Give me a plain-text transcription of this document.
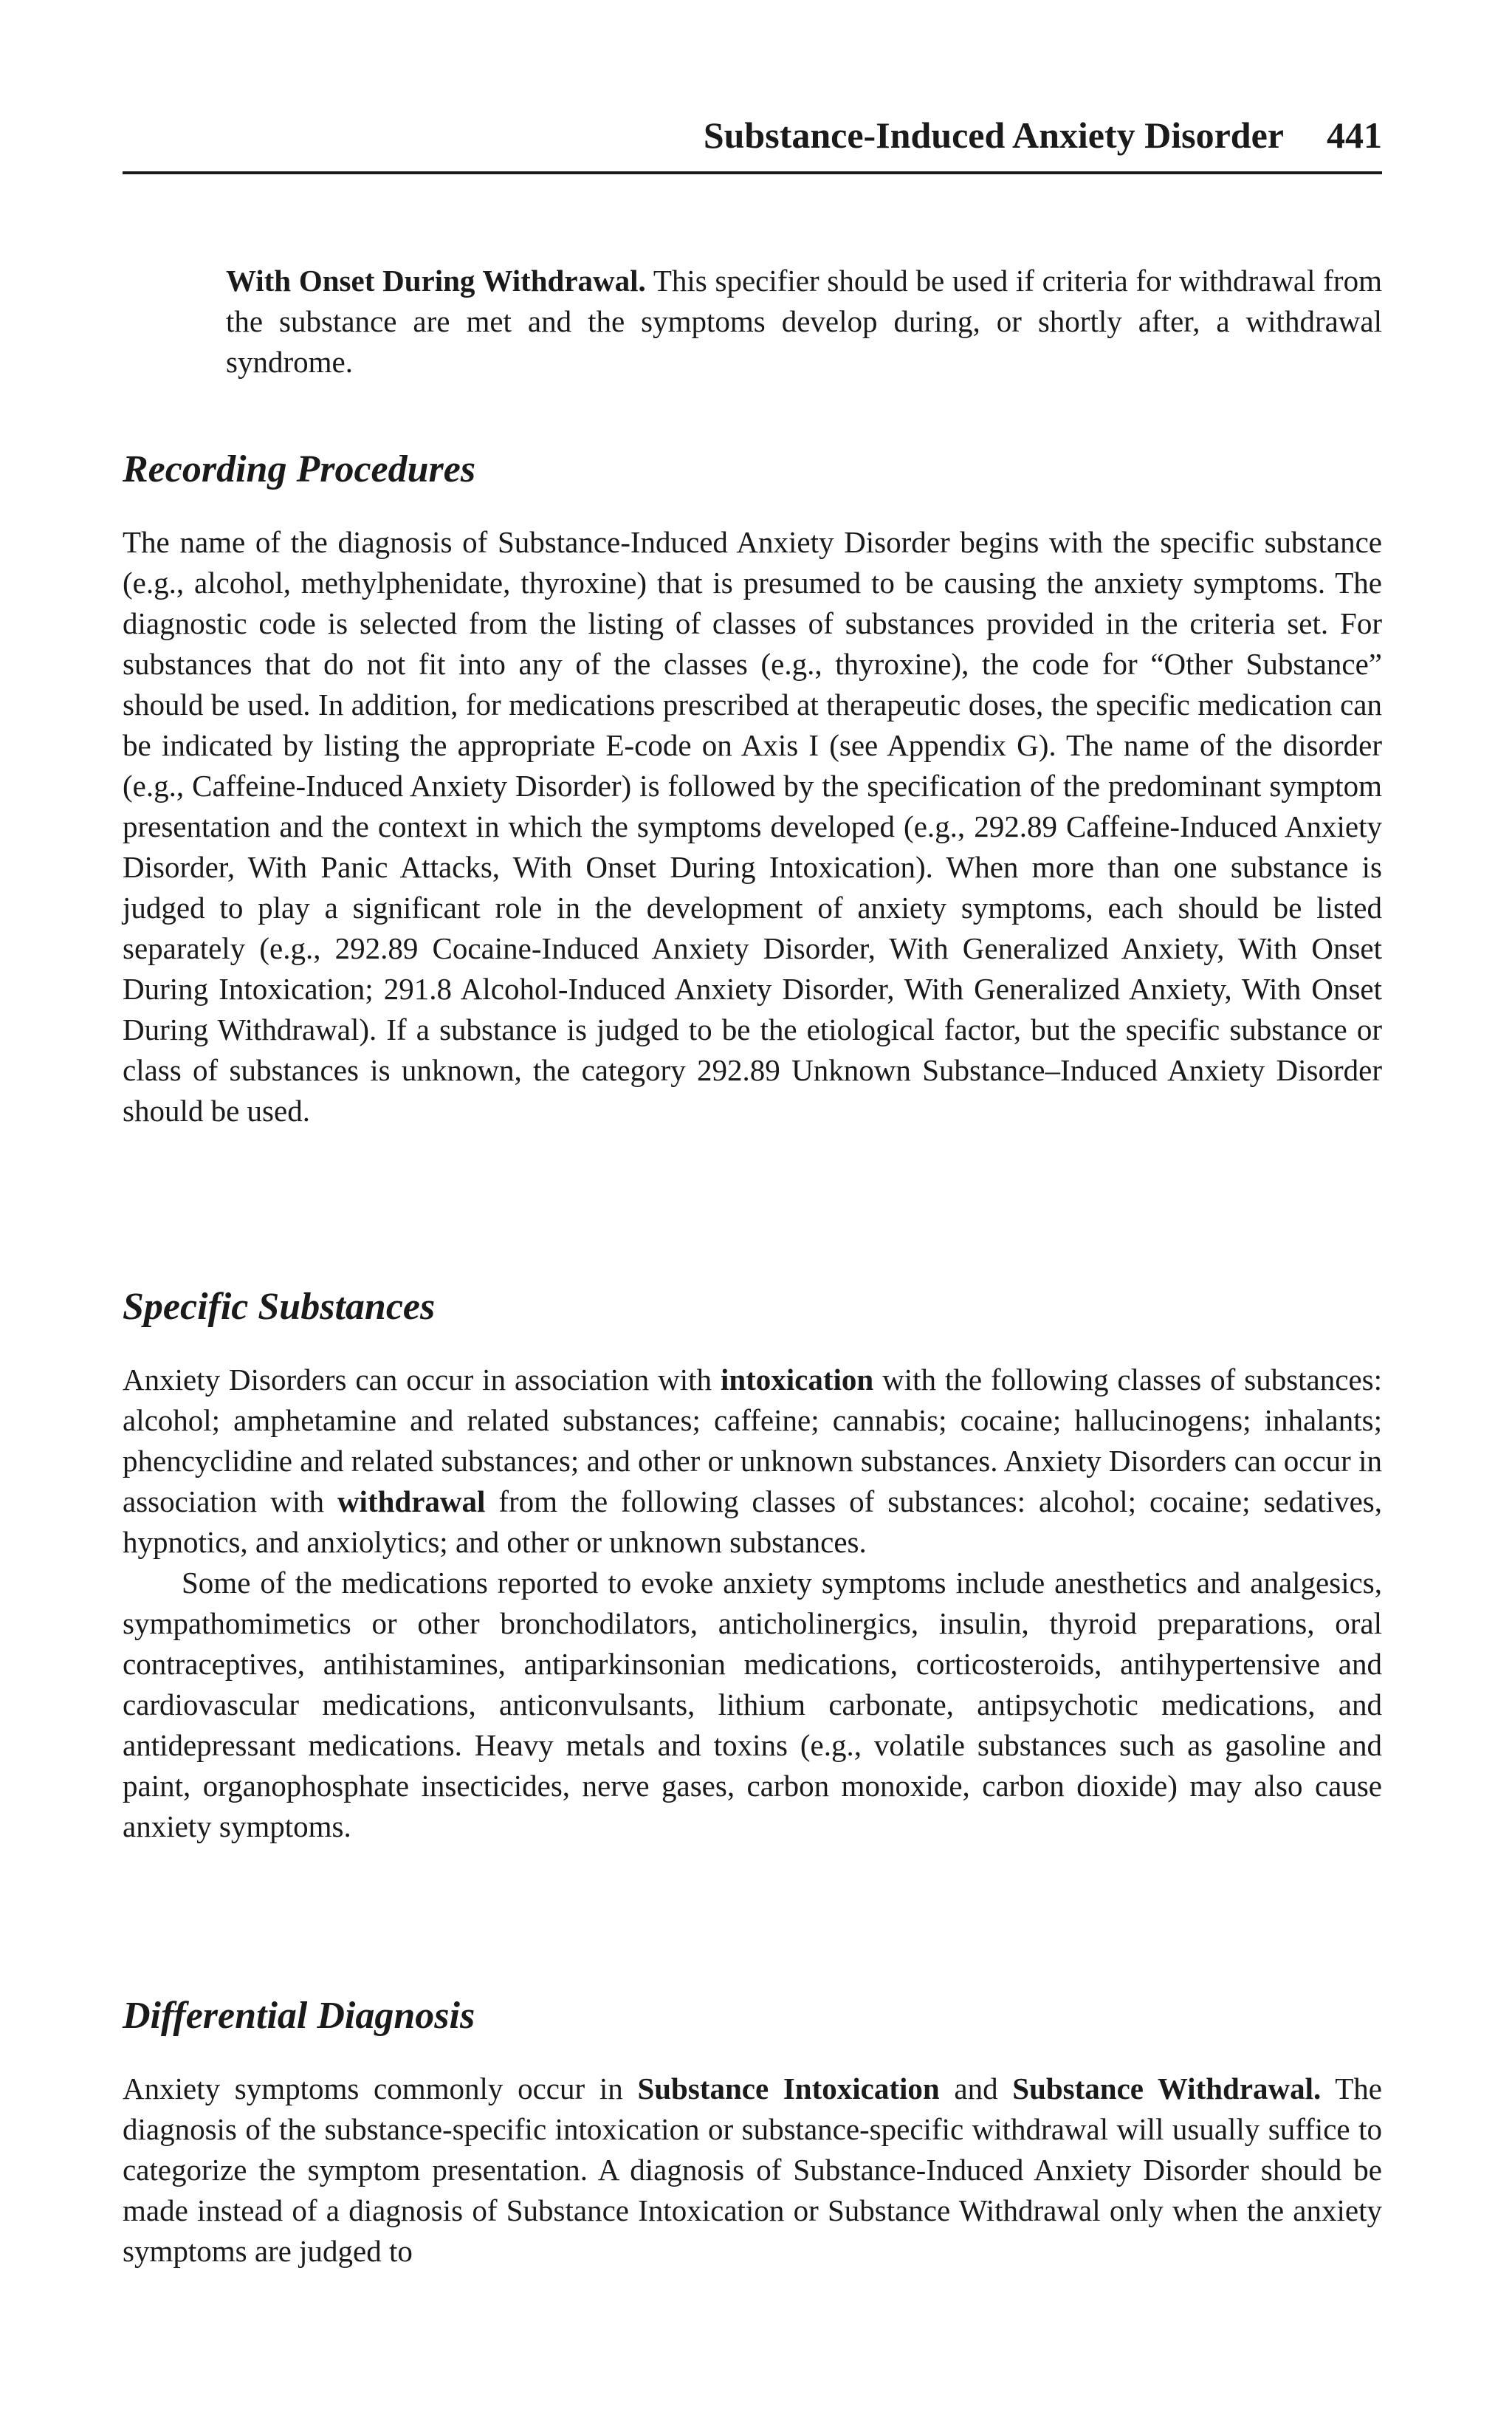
Substance-Induced Anxiety Disorder 441

With Onset During Withdrawal. This specifier should be used if criteria for withdrawal from the substance are met and the symptoms develop during, or shortly after, a withdrawal syndrome.

Recording Procedures

The name of the diagnosis of Substance-Induced Anxiety Disorder begins with the specific substance (e.g., alcohol, methylphenidate, thyroxine) that is presumed to be causing the anxiety symptoms. The diagnostic code is selected from the listing of classes of substances provided in the criteria set. For substances that do not fit into any of the classes (e.g., thyroxine), the code for “Other Substance” should be used. In addition, for medications prescribed at therapeutic doses, the specific medication can be indicated by listing the appropriate E-code on Axis I (see Appendix G). The name of the disorder (e.g., Caffeine-Induced Anxiety Disorder) is followed by the specification of the predominant symptom presentation and the context in which the symptoms developed (e.g., 292.89 Caffeine-Induced Anxiety Disorder, With Panic Attacks, With Onset During Intoxication). When more than one substance is judged to play a significant role in the development of anxiety symptoms, each should be listed separately (e.g., 292.89 Cocaine-Induced Anxiety Disorder, With Generalized Anxiety, With Onset During Intoxication; 291.8 Alcohol-Induced Anxiety Disorder, With Generalized Anxiety, With Onset During Withdrawal). If a substance is judged to be the etiological factor, but the specific substance or class of substances is unknown, the category 292.89 Unknown Substance–Induced Anxiety Disorder should be used.

Specific Substances

Anxiety Disorders can occur in association with intoxication with the following classes of substances: alcohol; amphetamine and related substances; caffeine; cannabis; cocaine; hallucinogens; inhalants; phencyclidine and related substances; and other or unknown substances. Anxiety Disorders can occur in association with withdrawal from the following classes of substances: alcohol; cocaine; sedatives, hypnotics, and anxiolytics; and other or unknown substances.

Some of the medications reported to evoke anxiety symptoms include anesthetics and analgesics, sympathomimetics or other bronchodilators, anticholinergics, insulin, thyroid preparations, oral contraceptives, antihistamines, antiparkinsonian medications, corticosteroids, antihypertensive and cardiovascular medications, anticonvulsants, lithium carbonate, antipsychotic medications, and antidepressant medications. Heavy metals and toxins (e.g., volatile substances such as gasoline and paint, organophosphate insecticides, nerve gases, carbon monoxide, carbon dioxide) may also cause anxiety symptoms.

Differential Diagnosis

Anxiety symptoms commonly occur in Substance Intoxication and Substance Withdrawal. The diagnosis of the substance-specific intoxication or substance-specific withdrawal will usually suffice to categorize the symptom presentation. A diagnosis of Substance-Induced Anxiety Disorder should be made instead of a diagnosis of Substance Intoxication or Substance Withdrawal only when the anxiety symptoms are judged to
